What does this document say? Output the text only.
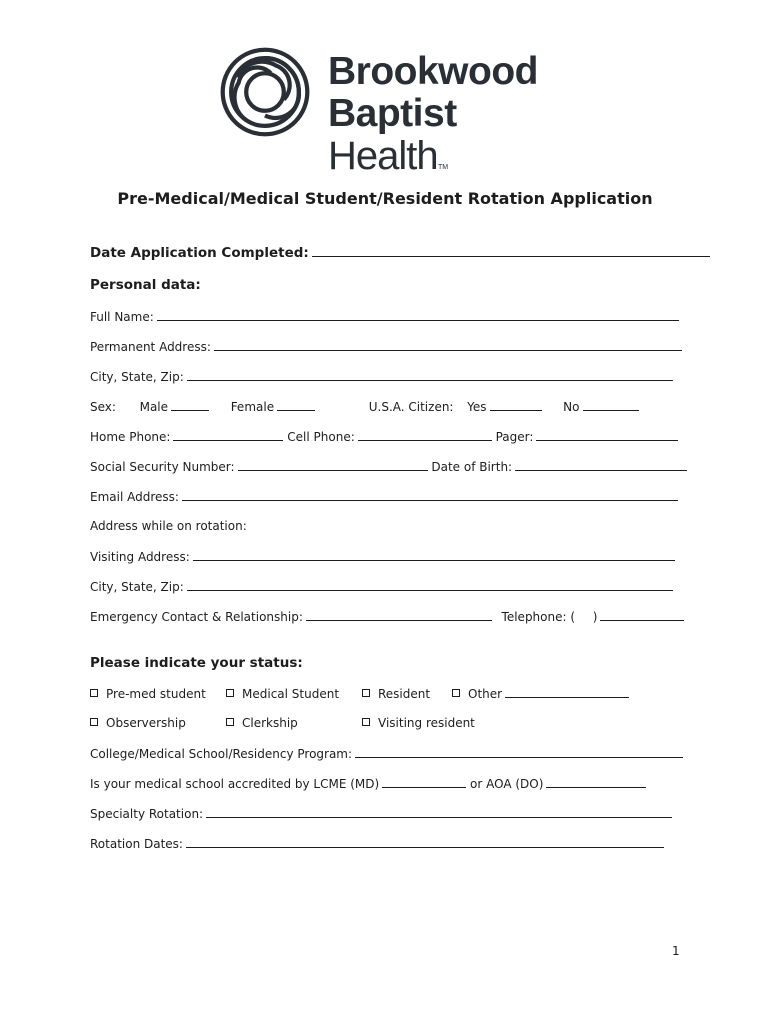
Brookwood
Baptist
Health TM
Pre-Medical/Medical Student/Resident Rotation Application
Date Application Completed:
Personal data:
Full Name:
Permanent Address:
City, State, Zip:
Sex: Male	Female	U.S.A. Citizen: Yes	No
Home Phone:	Cell Phone:	Pager:
Social Security Number:	Date of Birth:
Email Address:
Address while on rotation:
Visiting Address:
City, State, Zip:
Emergency Contact & Relationship:	Telephone: ( )
Please indicate your status:
Pre-med student	Medical Student	Resident	Other
Observership	Clerkship	Visiting resident
College/Medical School/Residency Program:
Is your medical school accredited by LCME (MD)	or AOA (DO)
Specialty Rotation:
Rotation Dates:
1
